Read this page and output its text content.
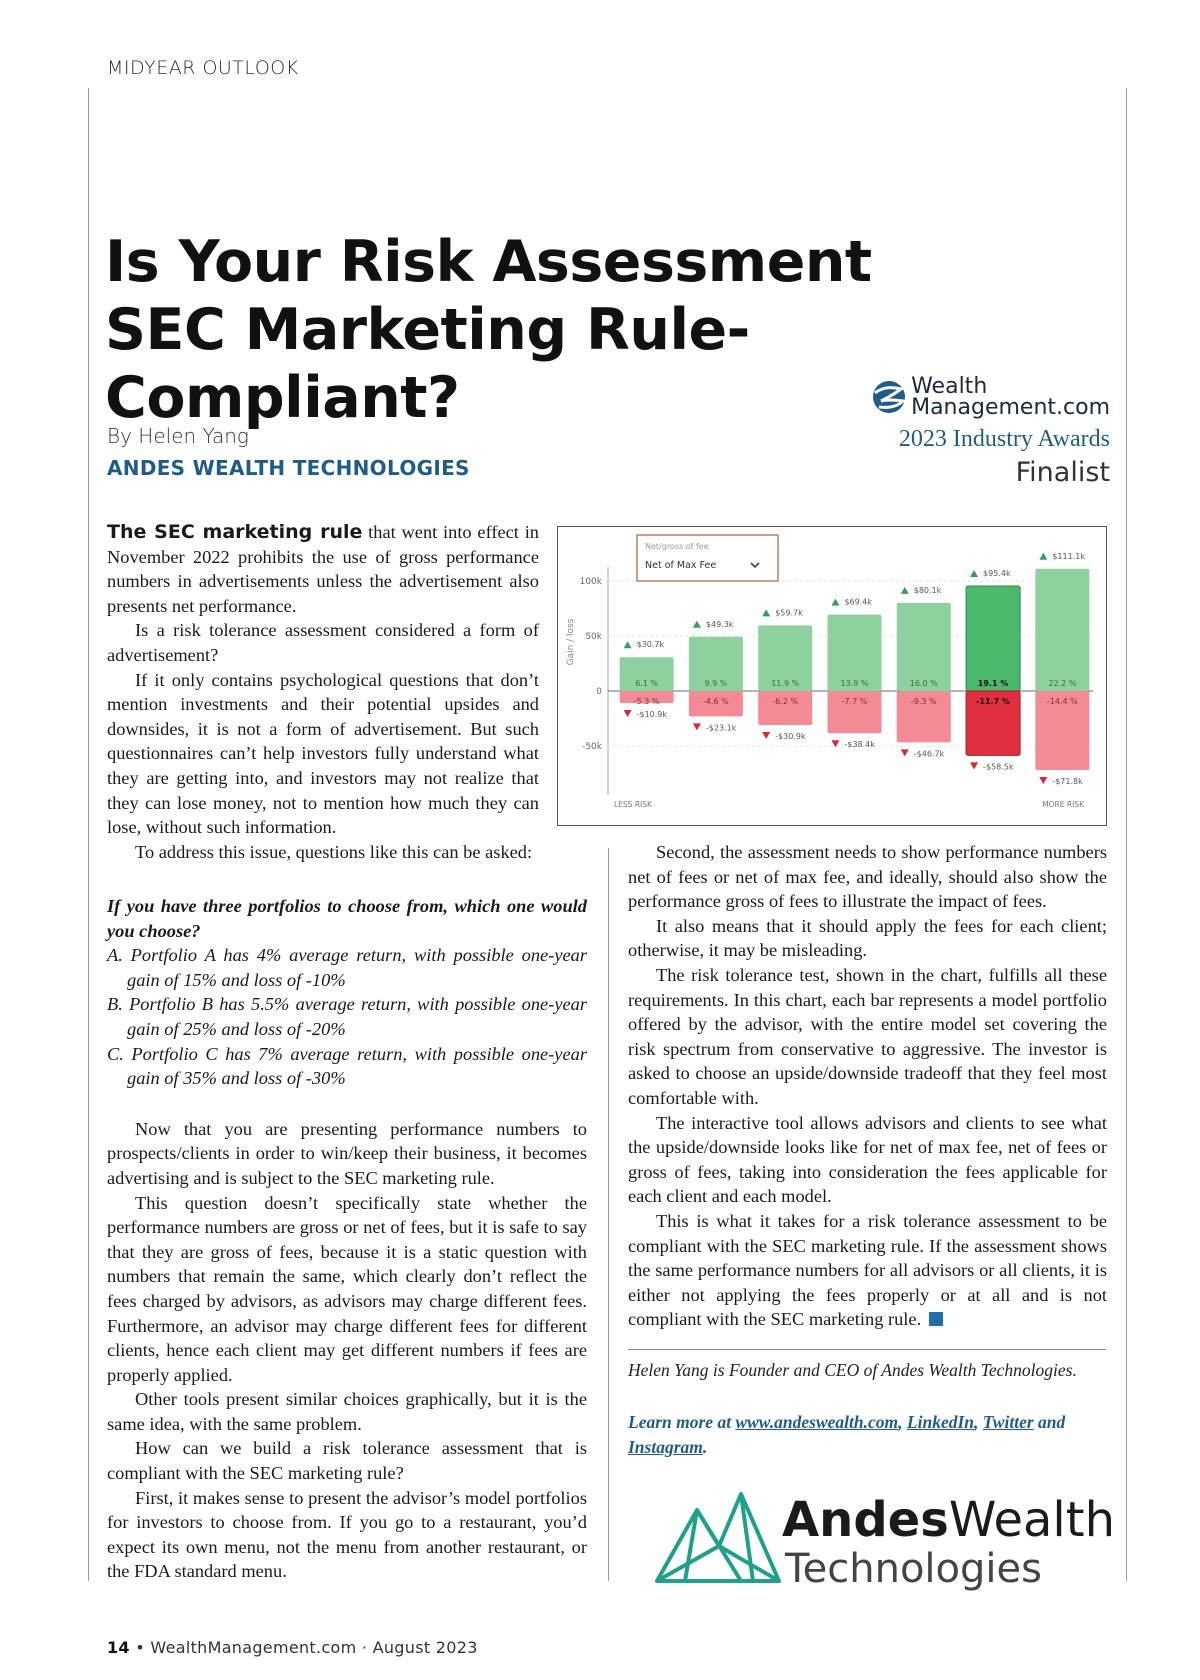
MIDYEAR OUTLOOK
Is Your Risk Assessment SEC Marketing Rule-Compliant?
By Helen Yang
ANDES WEALTH TECHNOLOGIES
Wealth
Management.com
2023 Industry Awards
Finalist

The SEC marketing rule that went into effect in November 2022 prohibits the use of gross performance numbers in advertisements unless the advertisement also presents net performance.

Is a risk tolerance assessment considered a form of advertisement?

If it only contains psychological questions that don’t mention investments and their potential upsides and downsides, it is not a form of advertisement. But such questionnaires can’t help investors fully understand what they are getting into, and investors may not realize that they can lose money, not to mention how much they can lose, without such information.

To address this issue, questions like this can be asked:

If you have three portfolios to choose from, which one would you choose?

A. Portfolio A has 4% average return, with possible one-year gain of 15% and loss of -10%

B. Portfolio B has 5.5% average return, with possible one-year gain of 25% and loss of -20%

C. Portfolio C has 7% average return, with possible one-year gain of 35% and loss of -30%

Now that you are presenting performance numbers to prospects/clients in order to win/keep their business, it becomes advertising and is subject to the SEC marketing rule.

This question doesn’t specifically state whether the performance numbers are gross or net of fees, but it is safe to say that they are gross of fees, because it is a static question with numbers that remain the same, which clearly don’t reflect the fees charged by advisors, as advisors may charge different fees. Furthermore, an advisor may charge different fees for different clients, hence each client may get different numbers if fees are properly applied.

Other tools present similar choices graphically, but it is the same idea, with the same problem.

How can we build a risk tolerance assessment that is compliant with the SEC marketing rule?

First, it makes sense to present the advisor’s model portfolios for investors to choose from. If you go to a restaurant, you’d expect its own menu, not the menu from another restaurant, or the FDA standard menu.

Second, the assessment needs to show performance numbers net of fees or net of max fee, and ideally, should also show the performance gross of fees to illustrate the impact of fees.

It also means that it should apply the fees for each client; otherwise, it may be misleading.

The risk tolerance test, shown in the chart, fulfills all these requirements. In this chart, each bar represents a model portfolio offered by the advisor, with the entire model set covering the risk spectrum from conservative to aggressive. The investor is asked to choose an upside/downside tradeoff that they feel most comfortable with.

The interactive tool allows advisors and clients to see what the upside/downside looks like for net of max fee, net of fees or gross of fees, taking into consideration the fees applicable for each client and each model.

This is what it takes for a risk tolerance assessment to be compliant with the SEC marketing rule. If the assessment shows the same performance numbers for all advisors or all clients, it is either not applying the fees properly or at all and is not compliant with the SEC marketing rule.

100k
50k
0
-50k
$30.7k
-$10.9k
6.1 %
-5.3 %
$49.3k
-$23.1k
9.9 %
-4.6 %
$59.7k
-$30.9k
11.9 %
-6.2 %
$69.4k
-$38.4k
13.9 %
-7.7 %
$80.1k
-$46.7k
16.0 %
-9.3 %
$95.4k
-$58.5k
19.1 %
-11.7 %
$111.1k
-$71.8k
22.2 %
-14.4 %
Net/gross of fee
Net of Max Fee
Gain / loss
LESS RISK	MORE RISK
Helen Yang is Founder and CEO of Andes Wealth Technologies.
Learn more at www.andeswealth.com, LinkedIn, Twitter and Instagram.
AndesWealth
Technologies
14 • WealthManagement.com · August 2023
